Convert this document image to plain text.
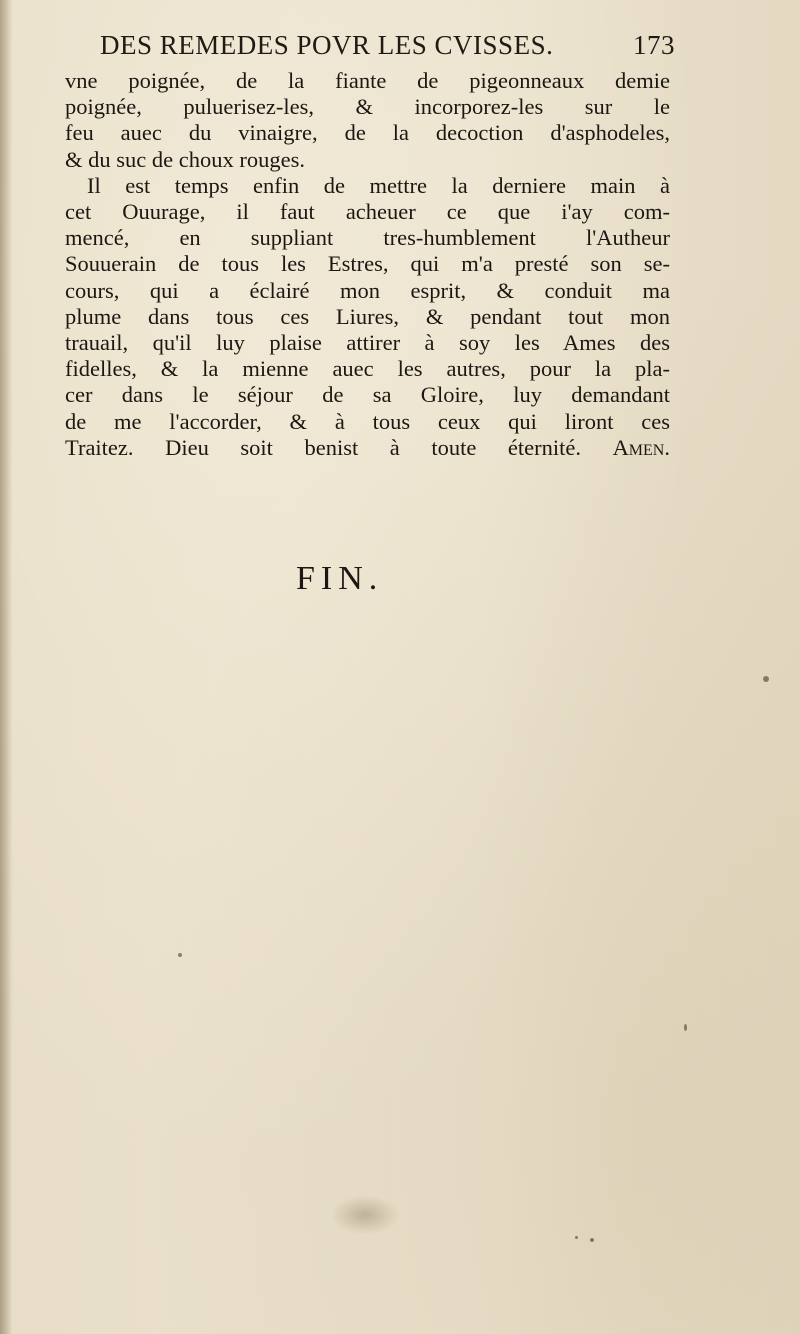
DES REMEDES POVR LES CVISSES.	173
vne poignée, de la fiante de pigeonneaux demie
poignée, puluerisez-les, & incorporez-les sur le
feu auec du vinaigre, de la decoction d'asphodeles,
& du suc de choux rouges.
Il est temps enfin de mettre la derniere main à
cet Ouurage, il faut acheuer ce que i'ay com-
mencé, en suppliant tres-humblement l'Autheur
Souuerain de tous les Estres, qui m'a presté son se-
cours, qui a éclairé mon esprit, & conduit ma
plume dans tous ces Liures, & pendant tout mon
trauail, qu'il luy plaise attirer à soy les Ames des
fidelles, & la mienne auec les autres, pour la pla-
cer dans le séjour de sa Gloire, luy demandant
de me l'accorder, & à tous ceux qui liront ces
Traitez. Dieu soit benist à toute éternité. Amen.
FIN.
